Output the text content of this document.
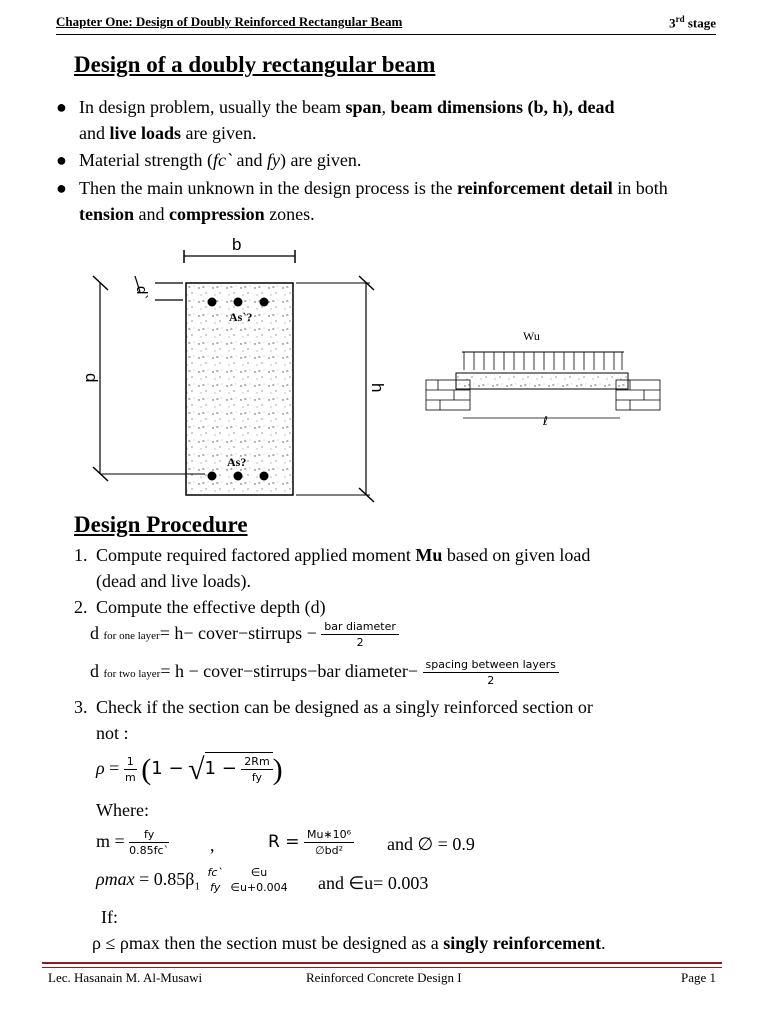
Chapter One: Design of Doubly Reinforced Rectangular Beam	3rd stage
Design of a doubly rectangular beam
● In design problem, usually the beam span, beam dimensions (b, h), dead
and live loads are given.
● Material strength (fc` and fy) are given.
● Then the main unknown in the design process is the reinforcement detail in both
tension and compression zones.
As`?
As?
b
d`
d
h
Wu
ℓ
Design Procedure
1. Compute required factored applied moment Mu based on given load
(dead and live loads).
2. Compute the effective depth (d)
d for one layer= h− cover−stirrups − $\frac{\text{bar diameter}}{2}$
d for two layer= h − cover−stirrups−bar diameter− $\frac{\text{spacing between layers}}{2}$
3. Check if the section can be designed as a singly reinforced section or
not :
$\rho = \frac{1}{m} (1 - √1 - \frac{2Rm}{fy}$ )
Where:
$m = \frac{fy}{0.85fc`}$ ,	$R = \frac{\text{Mu∗10⁶}}{\text{∅bd²}}$ and ∅ = 0.9
$\rho\max = 0.85\beta_1$
fc`
fy

∈u
∈u+0.004 and ∈u= 0.003
If:
ρ ≤ ρmax then the section must be designed as a singly reinforcement.
Lec. Hasanain M. Al-Musawi	Reinforced Concrete Design I	Page 1
